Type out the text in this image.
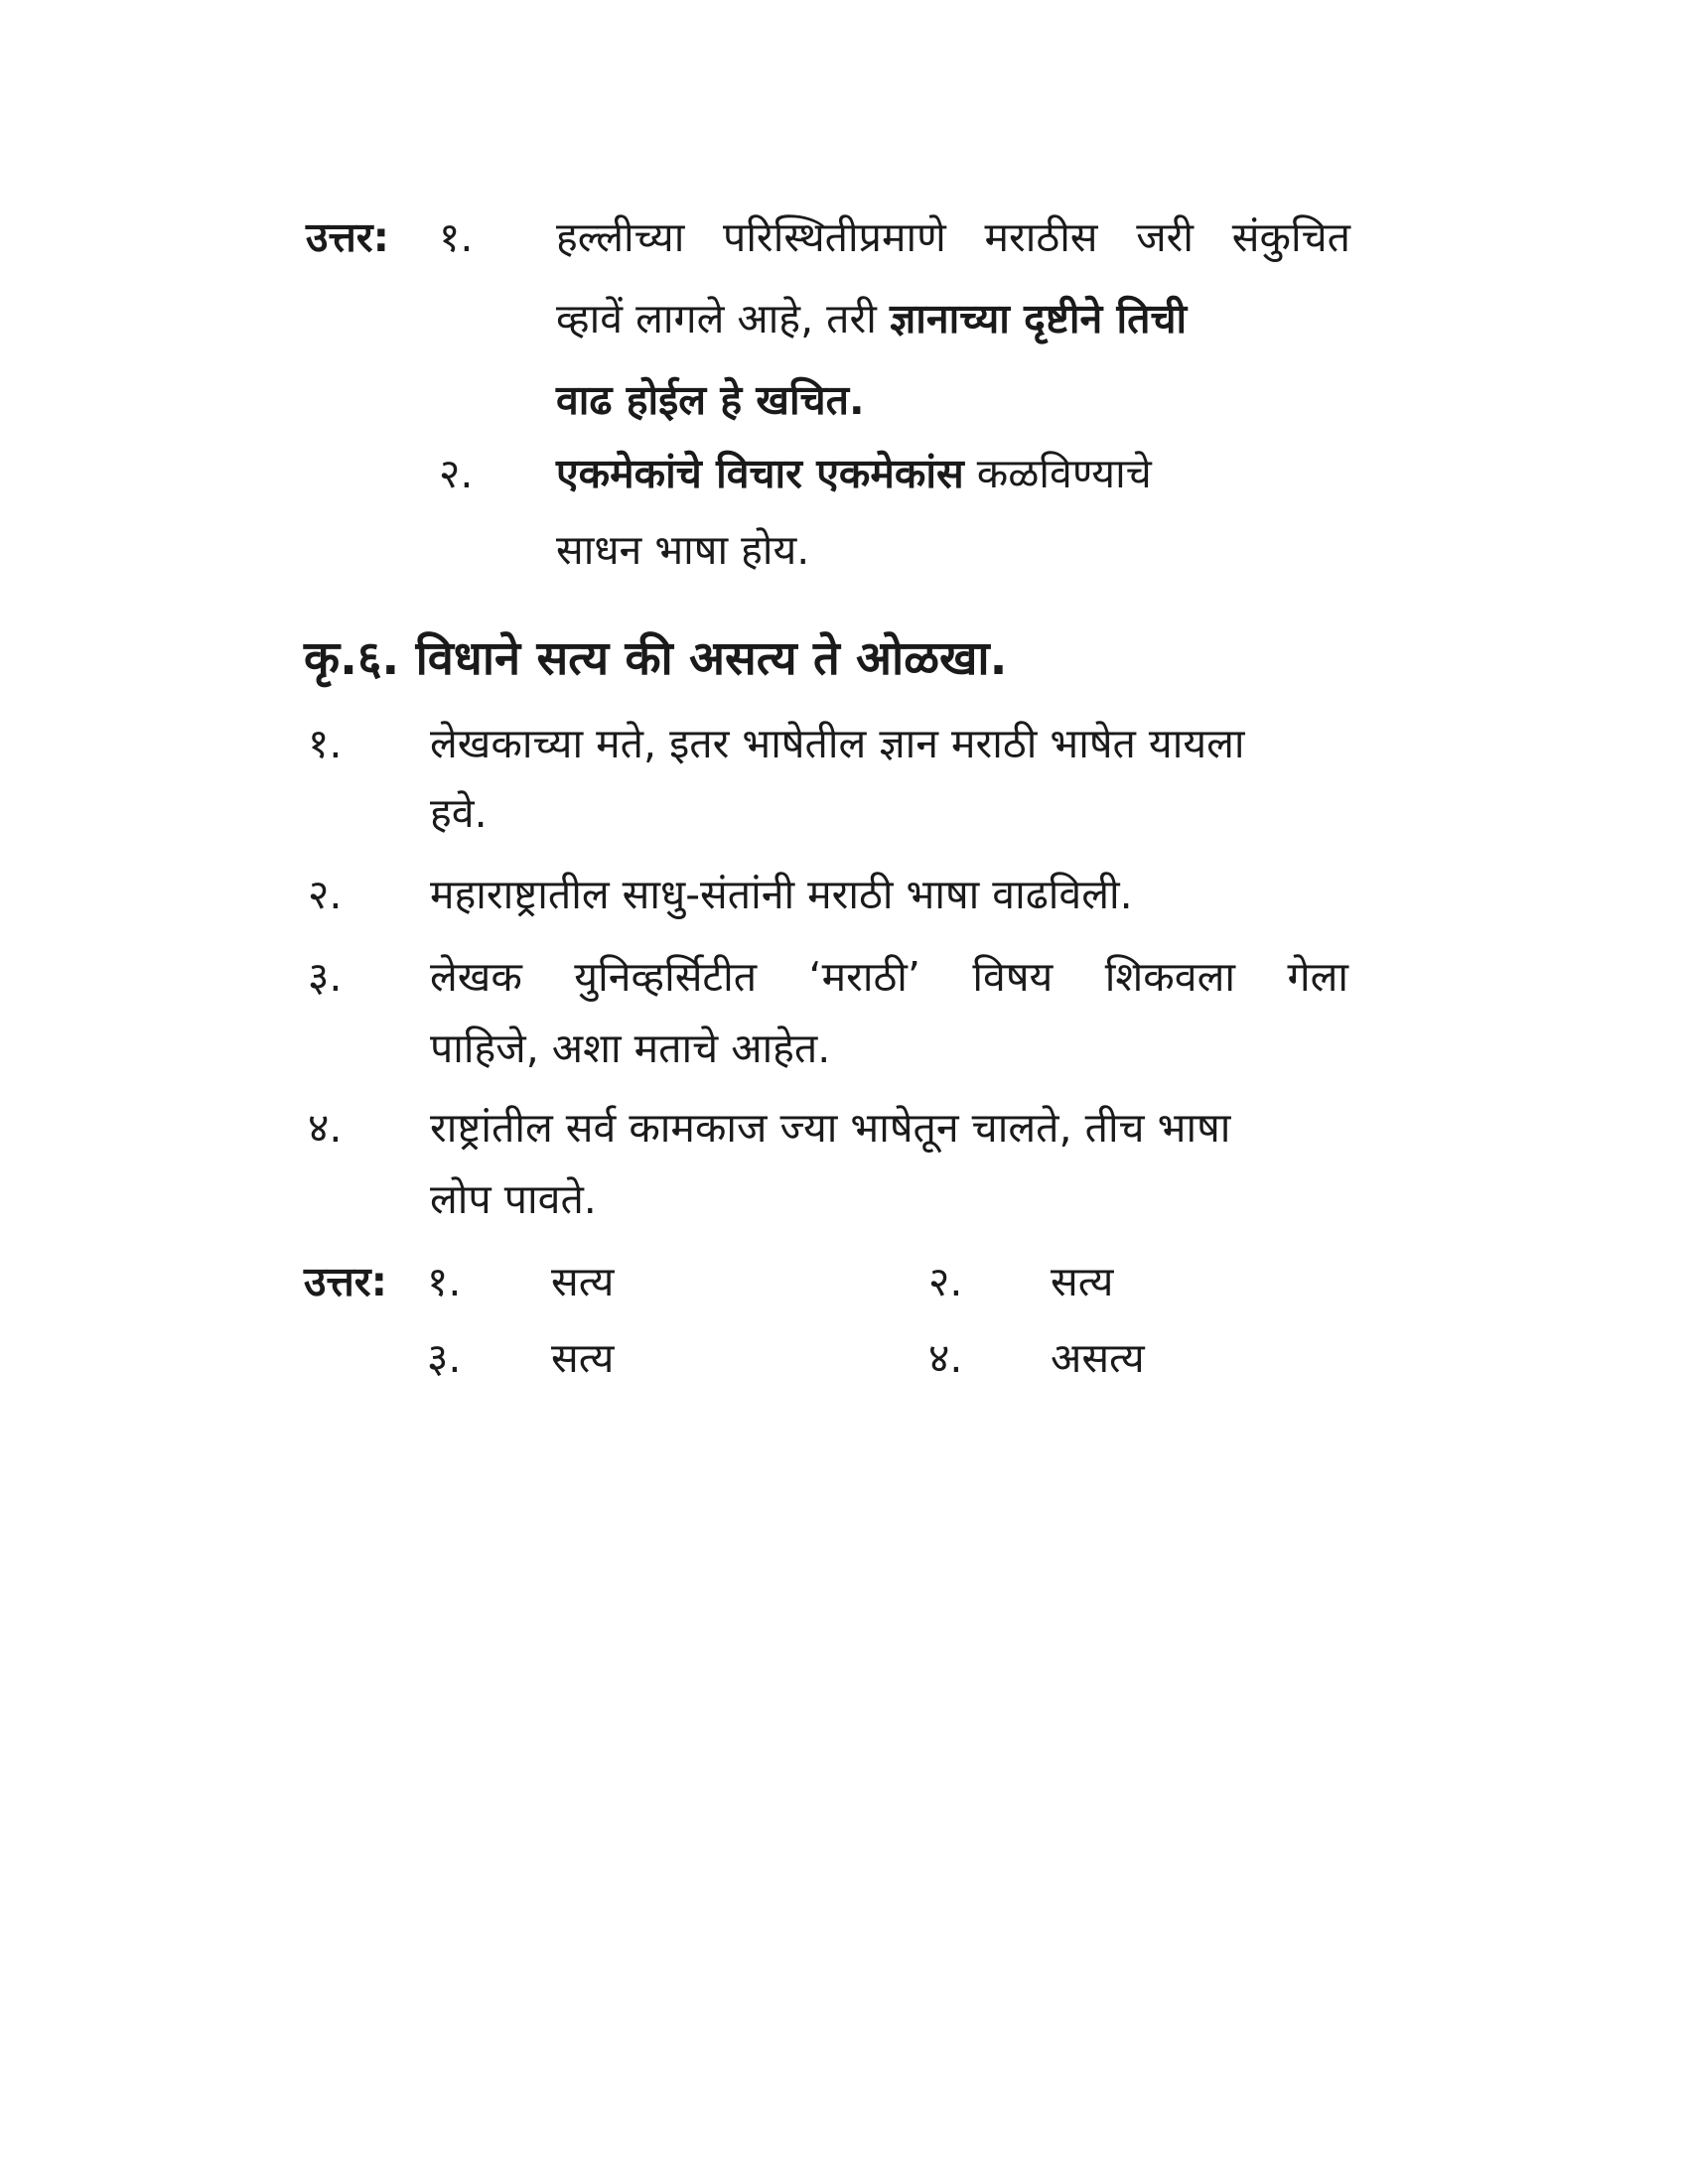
उत्तर: १. हल्लीच्या परिस्थितीप्रमाणे मराठीस जरी संकुचित
व्हावें लागले आहे, तरी ज्ञानाच्या दृष्टीने तिची
वाढ होईल हे खचित.
२. एकमेकांचे विचार एकमेकांस कळविण्याचे
साधन भाषा होय.
कृ.६. विधाने सत्य की असत्य ते ओळखा.
१. लेखकाच्या मते, इतर भाषेतील ज्ञान मराठी भाषेत यायला
हवे.
२. महाराष्ट्रातील साधु-संतांनी मराठी भाषा वाढविली.
३. लेखक युनिव्हर्सिटीत ‘मराठी’ विषय शिकवला गेला
पाहिजे, अशा मताचे आहेत.
४. राष्ट्रांतील सर्व कामकाज ज्या भाषेतून चालते, तीच भाषा
लोप पावते.
उत्तर: १. सत्य	२. सत्य
३. सत्य	४. असत्य
